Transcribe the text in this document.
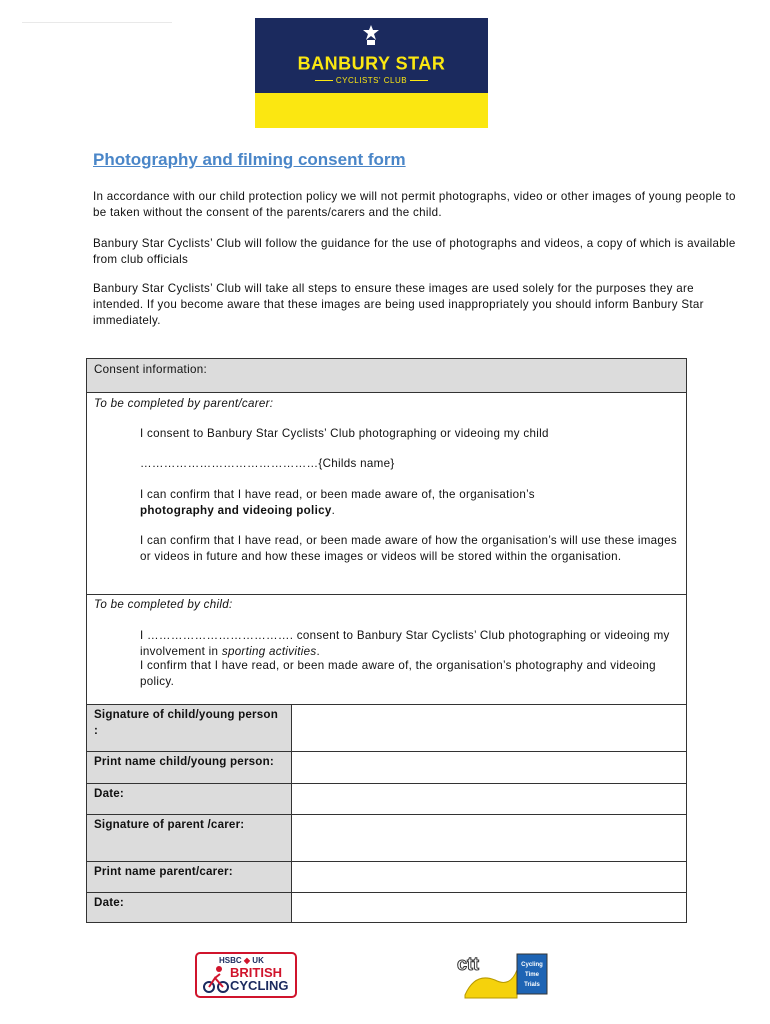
BANBURY STAR
CYCLISTS' CLUB
Photography and filming consent form
In accordance with our child protection policy we will not permit photographs, video or other images of young people to be taken without the consent of the parents/carers and the child.
Banbury Star Cyclists’ Club will follow the guidance for the use of photographs and videos, a copy of which is available from club officials
Banbury Star Cyclists’ Club will take all steps to ensure these images are used solely for the purposes they are intended. If you become aware that these images are being used inappropriately you should inform Banbury Star immediately.
Consent information:
To be completed by parent/carer:
I consent to Banbury Star Cyclists’ Club photographing or videoing my child
………………………………………{Childs name}
I can confirm that I have read, or been made aware of, the organisation’s
photography and videoing policy.
I can confirm that I have read, or been made aware of how the organisation’s will use these images or videos in future and how these images or videos will be stored within the organisation.
To be completed by child:
I ………………………………. consent to Banbury Star Cyclists’ Club photographing or videoing my involvement in sporting activities.
I confirm that I have read, or been made aware of, the organisation’s photography and videoing policy.
Signature of child/young person :
Print name child/young person:
Date:
Signature of parent /carer:
Print name parent/carer:
Date:
HSBC ◆ UK
BRITISH
CYCLING
ctt	Cycling
Time
Trials
